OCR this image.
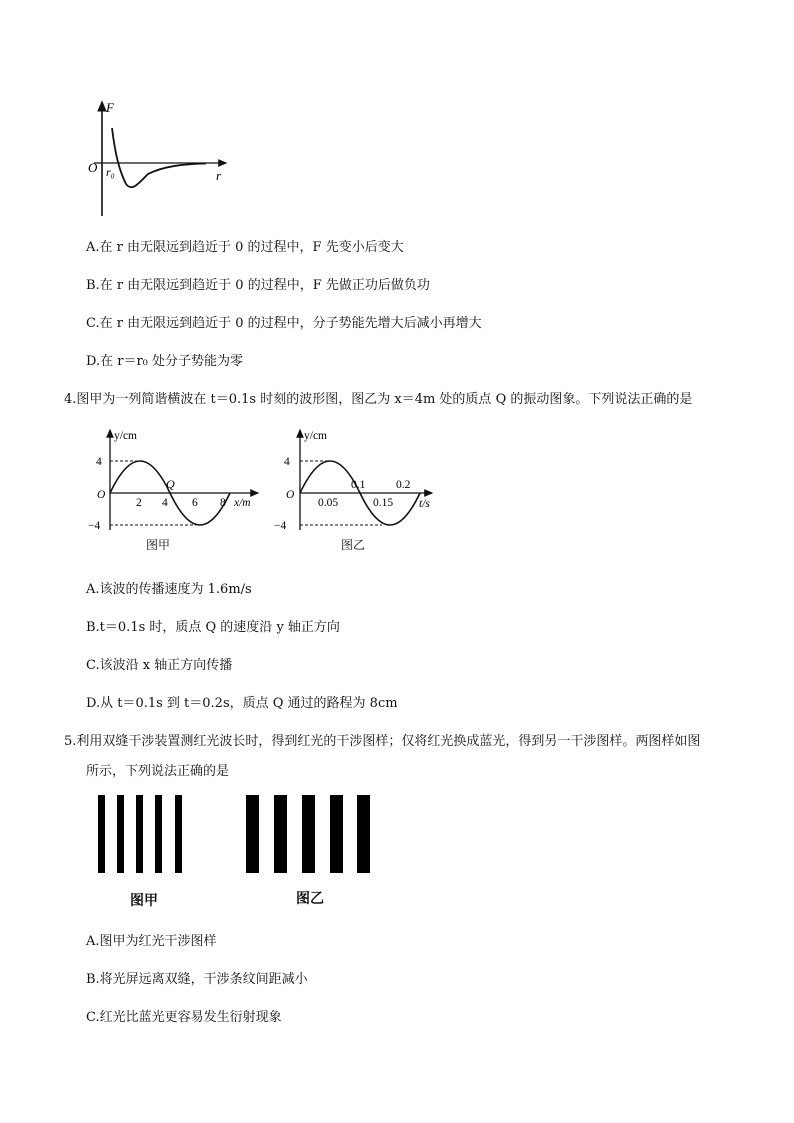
F
O r₀	r
A.在 r 由无限远到趋近于 0 的过程中，F 先变小后变大
B.在 r 由无限远到趋近于 0 的过程中，F 先做正功后做负功
C.在 r 由无限远到趋近于 0 的过程中，分子势能先增大后减小再增大
D.在 r＝r₀ 处分子势能为零
4.图甲为一列简谐横波在 t＝0.1s 时刻的波形图，图乙为 x＝4m 处的质点 Q 的振动图象。下列说法正确的是
y/cm
4
−4
O
2 4 6 8
Q
x/m
图甲
y/cm
4
−4
O
0.05	0.15
0.1	0.2
t/s
图乙
A.该波的传播速度为 1.6m/s
B.t＝0.1s 时，质点 Q 的速度沿 y 轴正方向
C.该波沿 x 轴正方向传播
D.从 t＝0.1s 到 t＝0.2s，质点 Q 通过的路程为 8cm
5.利用双缝干涉装置测红光波长时，得到红光的干涉图样；仅将红光换成蓝光，得到另一干涉图样。两图样如图
所示，下列说法正确的是
图甲	图乙
A.图甲为红光干涉图样
B.将光屏远离双缝，干涉条纹间距减小
C.红光比蓝光更容易发生衍射现象
